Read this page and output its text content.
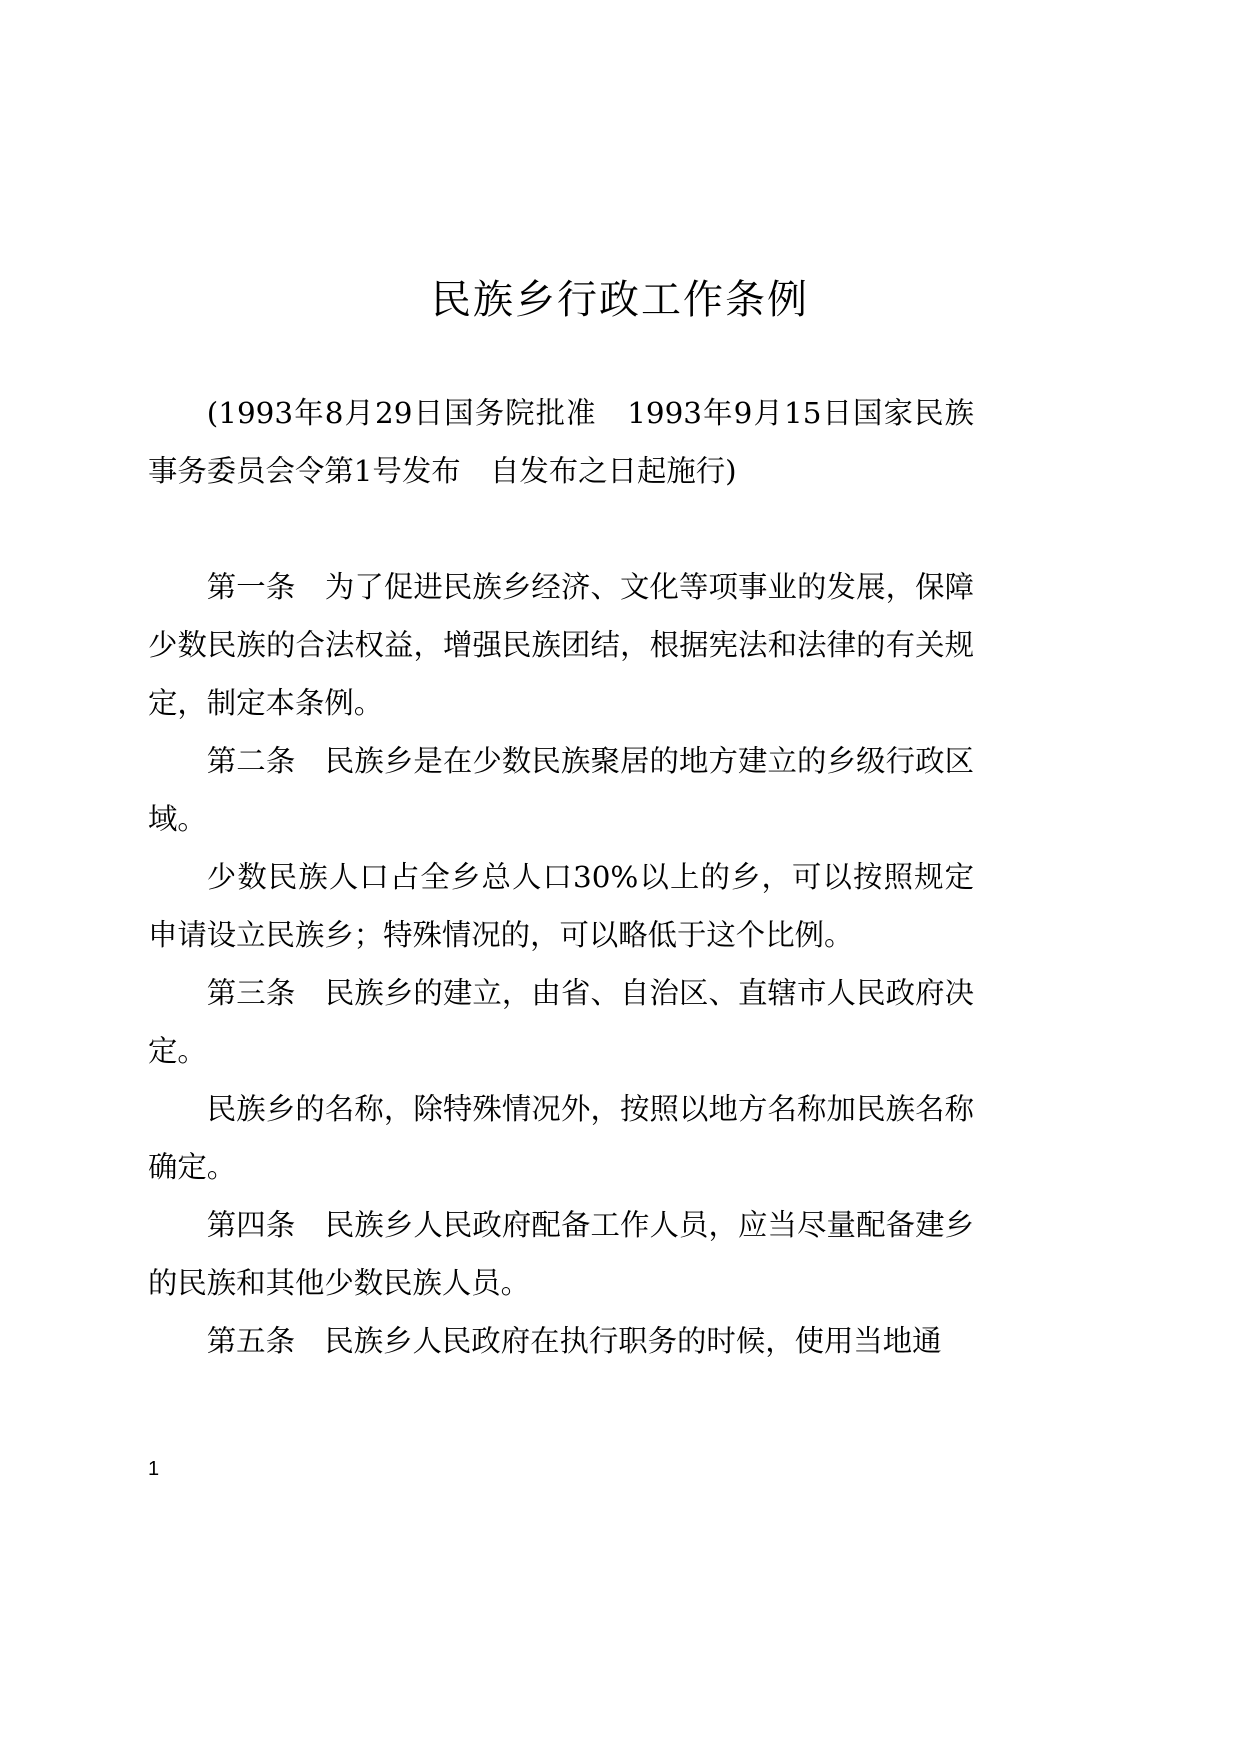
民族乡行政工作条例

(1993年8月29日国务院批准　1993年9月15日国家民族事务委员会令第1号发布　自发布之日起施行)

第一条　为了促进民族乡经济、文化等项事业的发展，保障少数民族的合法权益，增强民族团结，根据宪法和法律的有关规定，制定本条例。

第二条　民族乡是在少数民族聚居的地方建立的乡级行政区域。

少数民族人口占全乡总人口30%以上的乡，可以按照规定申请设立民族乡；特殊情况的，可以略低于这个比例。

第三条　民族乡的建立，由省、自治区、直辖市人民政府决定。

民族乡的名称，除特殊情况外，按照以地方名称加民族名称确定。

第四条　民族乡人民政府配备工作人员，应当尽量配备建乡的民族和其他少数民族人员。

第五条　民族乡人民政府在执行职务的时候，使用当地通

1
